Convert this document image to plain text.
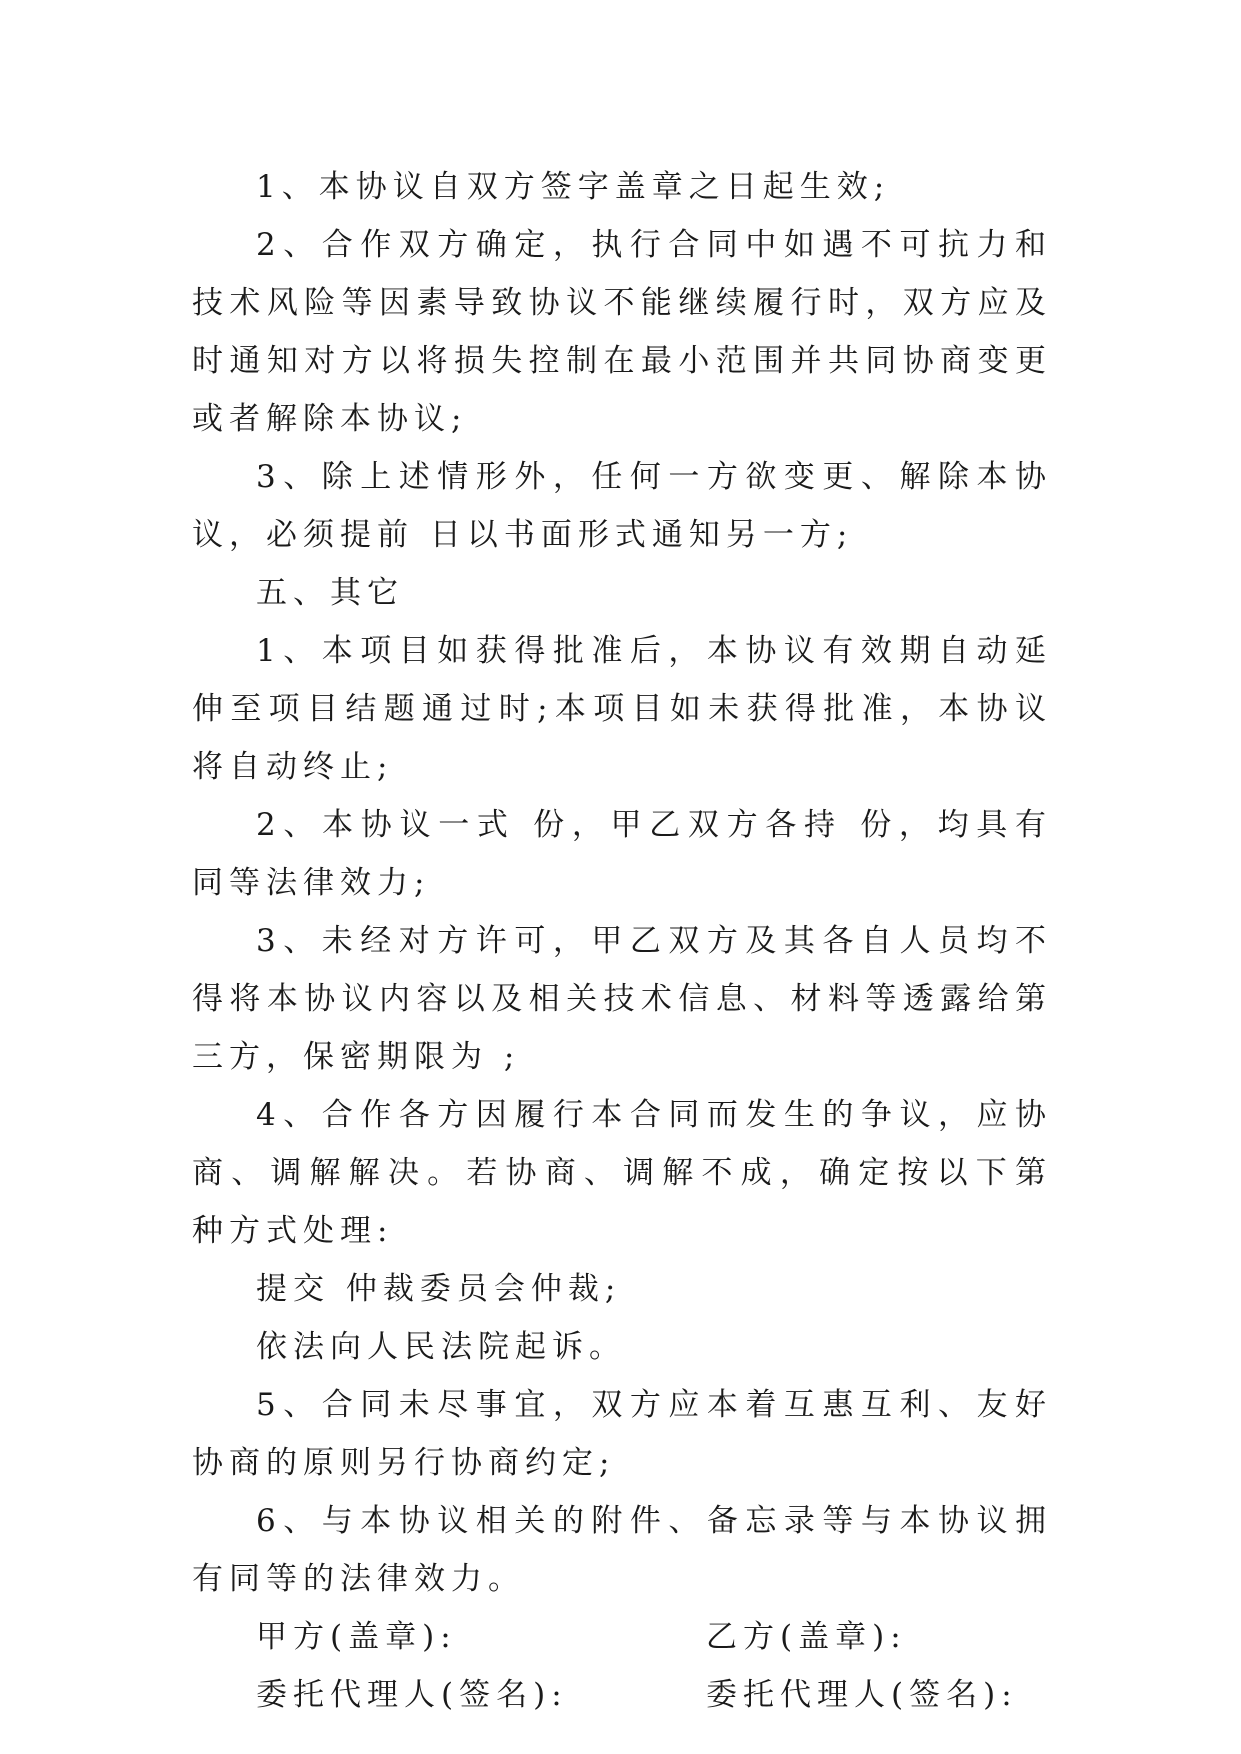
1、本协议自双方签字盖章之日起生效;

2、合作双方确定，执行合同中如遇不可抗力和技术风险等因素导致协议不能继续履行时，双方应及时通知对方以将损失控制在最小范围并共同协商变更或者解除本协议;

3、除上述情形外，任何一方欲变更、解除本协议，必须提前 日以书面形式通知另一方;

五、其它

1、本项目如获得批准后，本协议有效期自动延伸至项目结题通过时;本项目如未获得批准，本协议将自动终止;

2、本协议一式 份，甲乙双方各持 份，均具有同等法律效力;

3、未经对方许可，甲乙双方及其各自人员均不得将本协议内容以及相关技术信息、材料等透露给第三方，保密期限为 ;

4、合作各方因履行本合同而发生的争议，应协商、调解解决。若协商、调解不成，确定按以下第 种方式处理:

提交 仲裁委员会仲裁;

依法向人民法院起诉。

5、合同未尽事宜，双方应本着互惠互利、友好协商的原则另行协商约定;

6、与本协议相关的附件、备忘录等与本协议拥有同等的法律效力。

甲方(盖章):	乙方(盖章):
委托代理人(签名):	委托代理人(签名):
